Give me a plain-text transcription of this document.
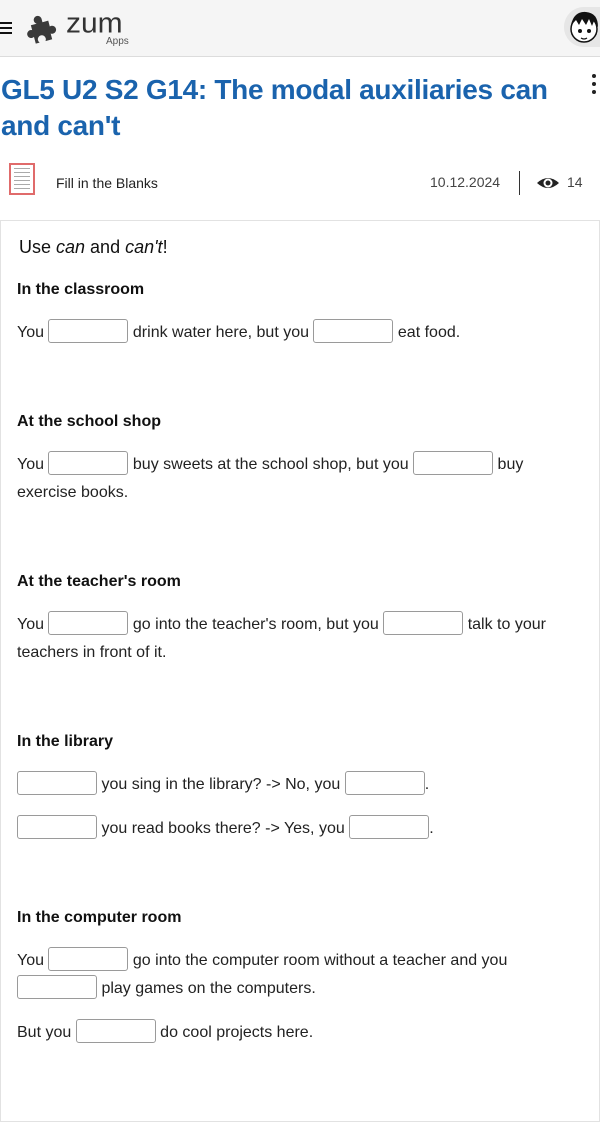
zum
Apps
GL5 U2 S2 G14: The modal auxiliaries can and can't
Fill in the Blanks	10.12.2024	14
Use can and can't!
In the classroom
You	drink water here, but you	eat food.
At the school shop
You	buy sweets at the school shop, but you	buy exercise books.
At the teacher's room
You	go into the teacher's room, but you	talk to your teachers in front of it.
In the library
you sing in the library? -> No, you	.
you read books there? -> Yes, you	.
In the computer room
You	go into the computer room without a teacher and you  play games on the computers.
But you	do cool projects here.
